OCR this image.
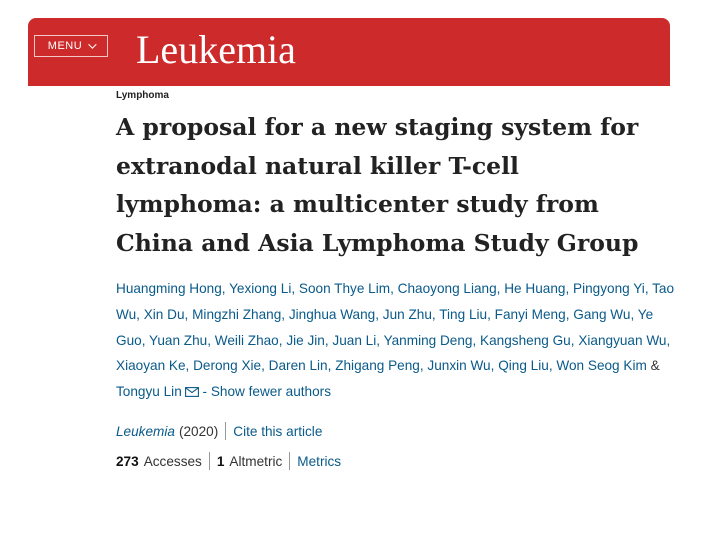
MENU Leukemia
Lymphoma
A proposal for a new staging system for
extranodal natural killer T-cell
lymphoma: a multicenter study from
China and Asia Lymphoma Study Group
Huangming Hong, Yexiong Li, Soon Thye Lim, Chaoyong Liang, He Huang, Pingyong Yi, Tao Wu, Xin Du, Mingzhi Zhang, Jinghua Wang, Jun Zhu, Ting Liu, Fanyi Meng, Gang Wu, Ye Guo, Yuan Zhu, Weili Zhao, Jie Jin, Juan Li, Yanming Deng, Kangsheng Gu, Xiangyuan Wu, Xiaoyan Ke, Derong Xie, Daren Lin, Zhigang Peng, Junxin Wu, Qing Liu, Won Seog Kim & Tongyu Lin - Show fewer authors
Leukemia (2020) Cite this article
273 Accesses 1 Altmetric Metrics
